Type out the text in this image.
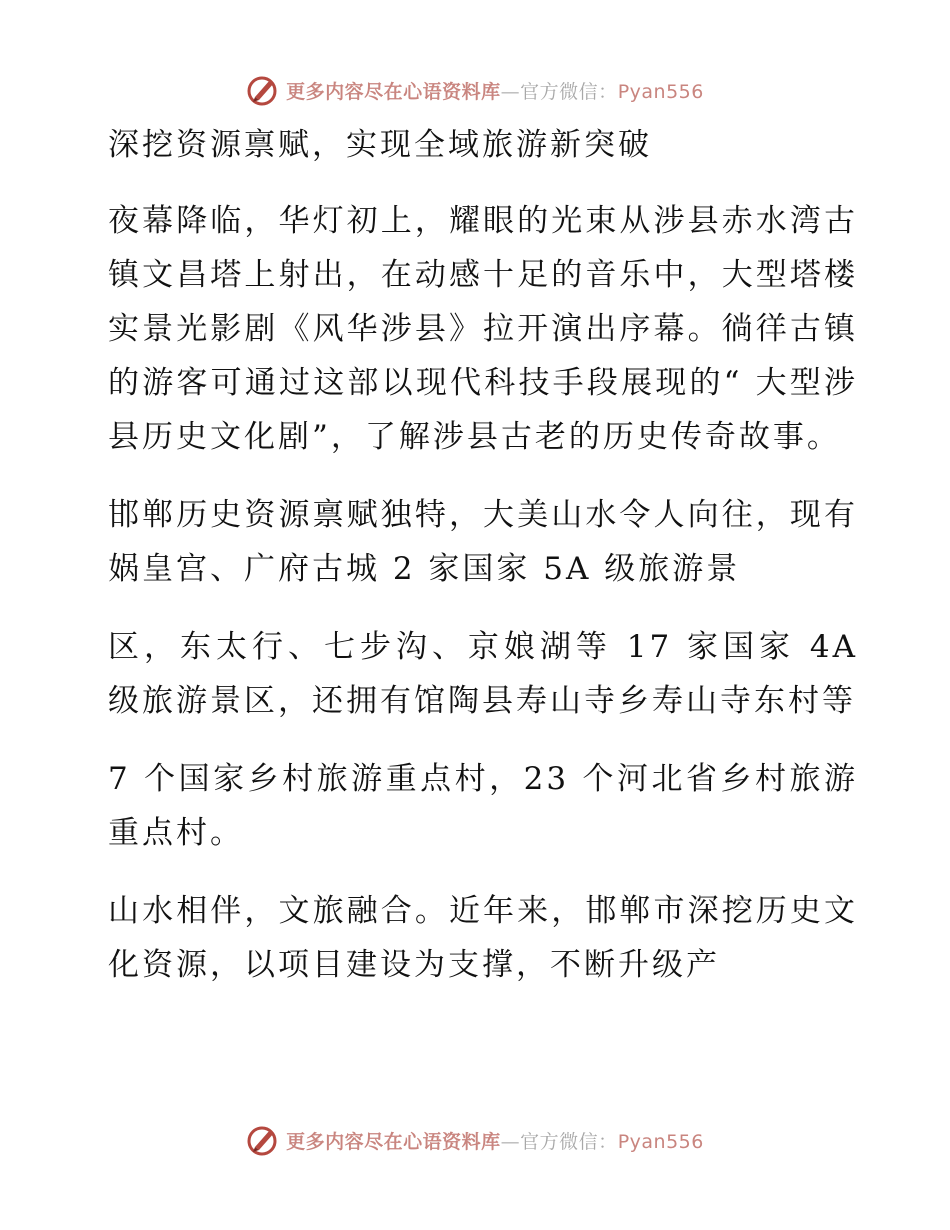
更多内容尽在心语资料库—官方微信：Pyan556

深挖资源禀赋，实现全域旅游新突破

夜幕降临，华灯初上，耀眼的光束从涉县赤水湾古镇文昌塔上射出，在动感十足的音乐中，大型塔楼实景光影剧《风华涉县》拉开演出序幕。徜徉古镇的游客可通过这部以现代科技手段展现的“ 大型涉县历史文化剧”，了解涉县古老的历史传奇故事。

邯郸历史资源禀赋独特，大美山水令人向往，现有娲皇宫、广府古城 2 家国家 5A 级旅游景

区，东太行、七步沟、京娘湖等 17 家国家 4A 级旅游景区，还拥有馆陶县寿山寺乡寿山寺东村等

7 个国家乡村旅游重点村，23 个河北省乡村旅游重点村。

山水相伴，文旅融合。近年来，邯郸市深挖历史文化资源，以项目建设为支撑，不断升级产

更多内容尽在心语资料库—官方微信：Pyan556
